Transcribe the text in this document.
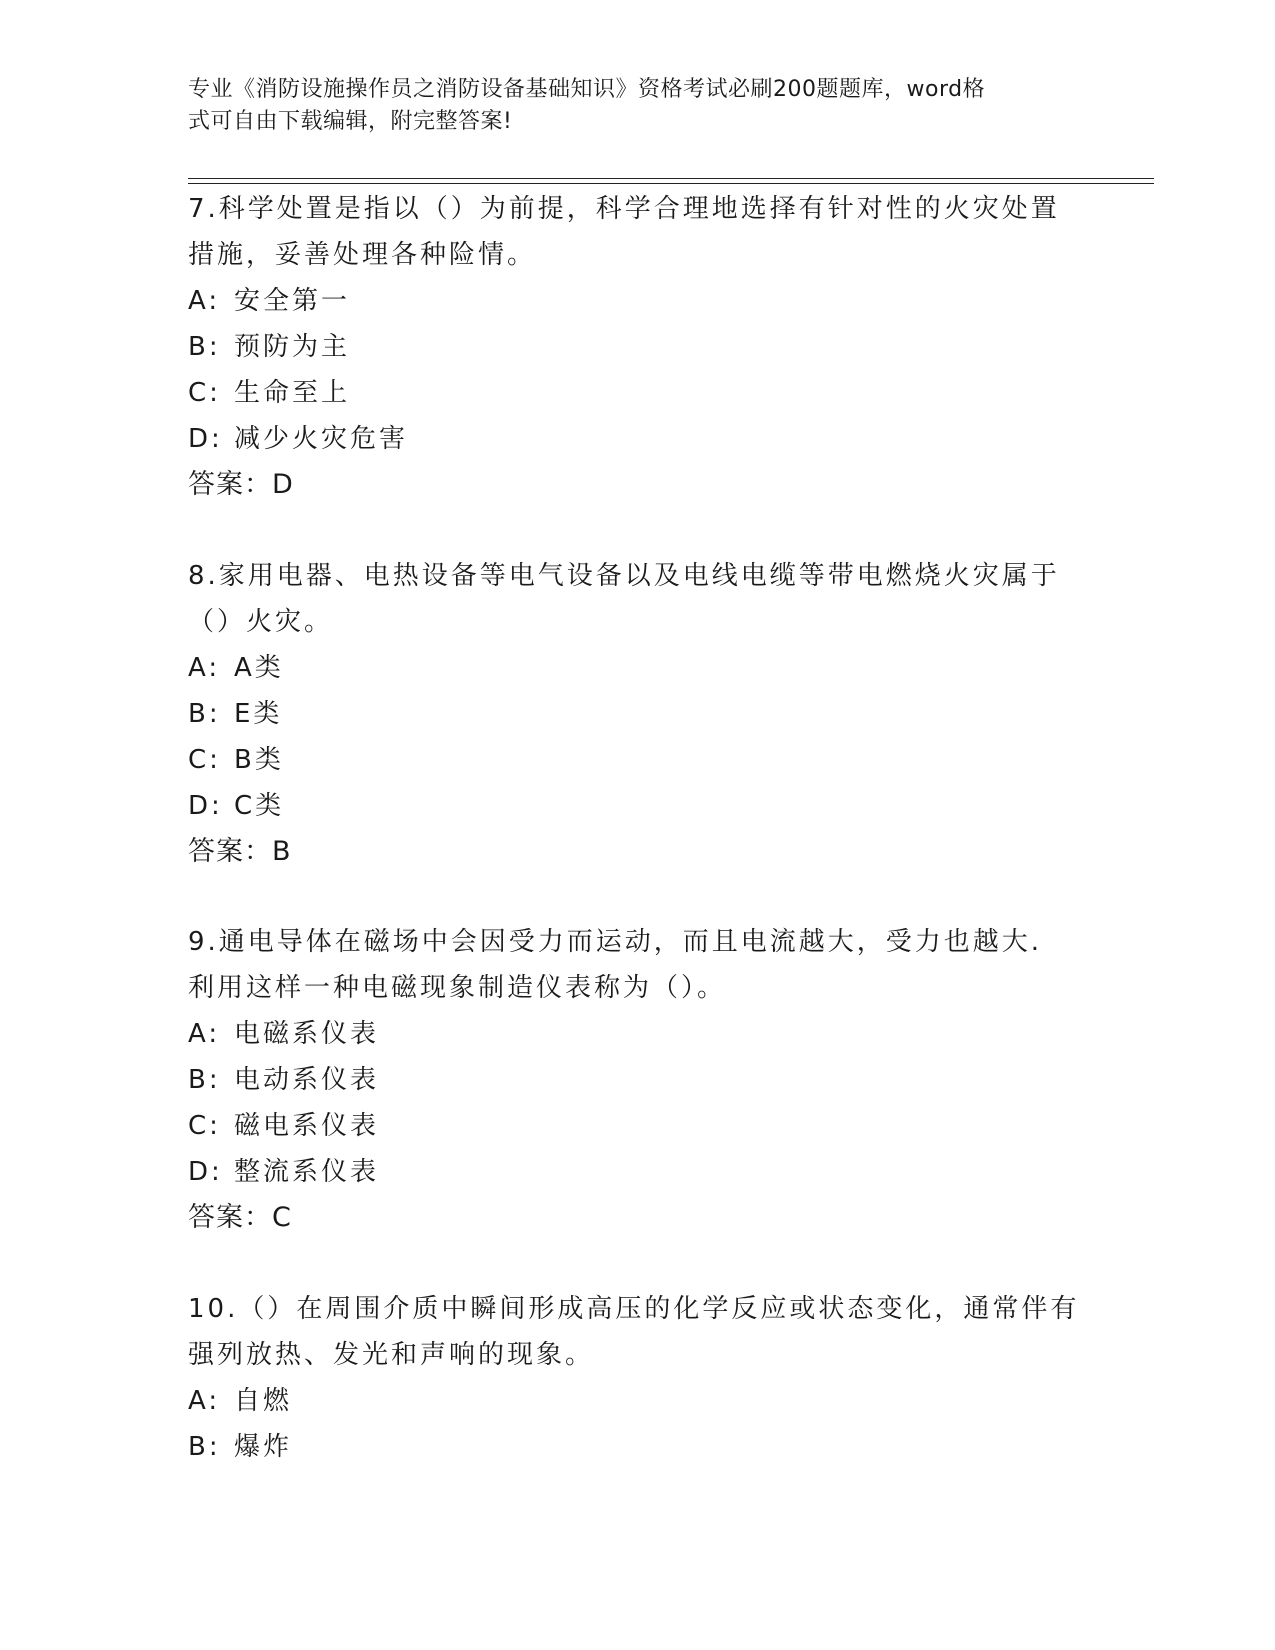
专业《消防设施操作员之消防设备基础知识》资格考试必刷200题题库，word格
式可自由下载编辑，附完整答案!

7.科学处置是指以（）为前提，科学合理地选择有针对性的火灾处置

措施，妥善处理各种险情。

A: 安全第一

B: 预防为主

C: 生命至上

D: 减少火灾危害

答案：D

8.家用电器、电热设备等电气设备以及电线电缆等带电燃烧火灾属于

（）火灾。

A: A类

B: E类

C: B类

D: C类

答案：B

9.通电导体在磁场中会因受力而运动，而且电流越大，受力也越大.

利用这样一种电磁现象制造仪表称为（）。

A: 电磁系仪表

B: 电动系仪表

C: 磁电系仪表

D: 整流系仪表

答案：C

10.（）在周围介质中瞬间形成高压的化学反应或状态变化，通常伴有

强列放热、发光和声响的现象。

A: 自燃

B: 爆炸
